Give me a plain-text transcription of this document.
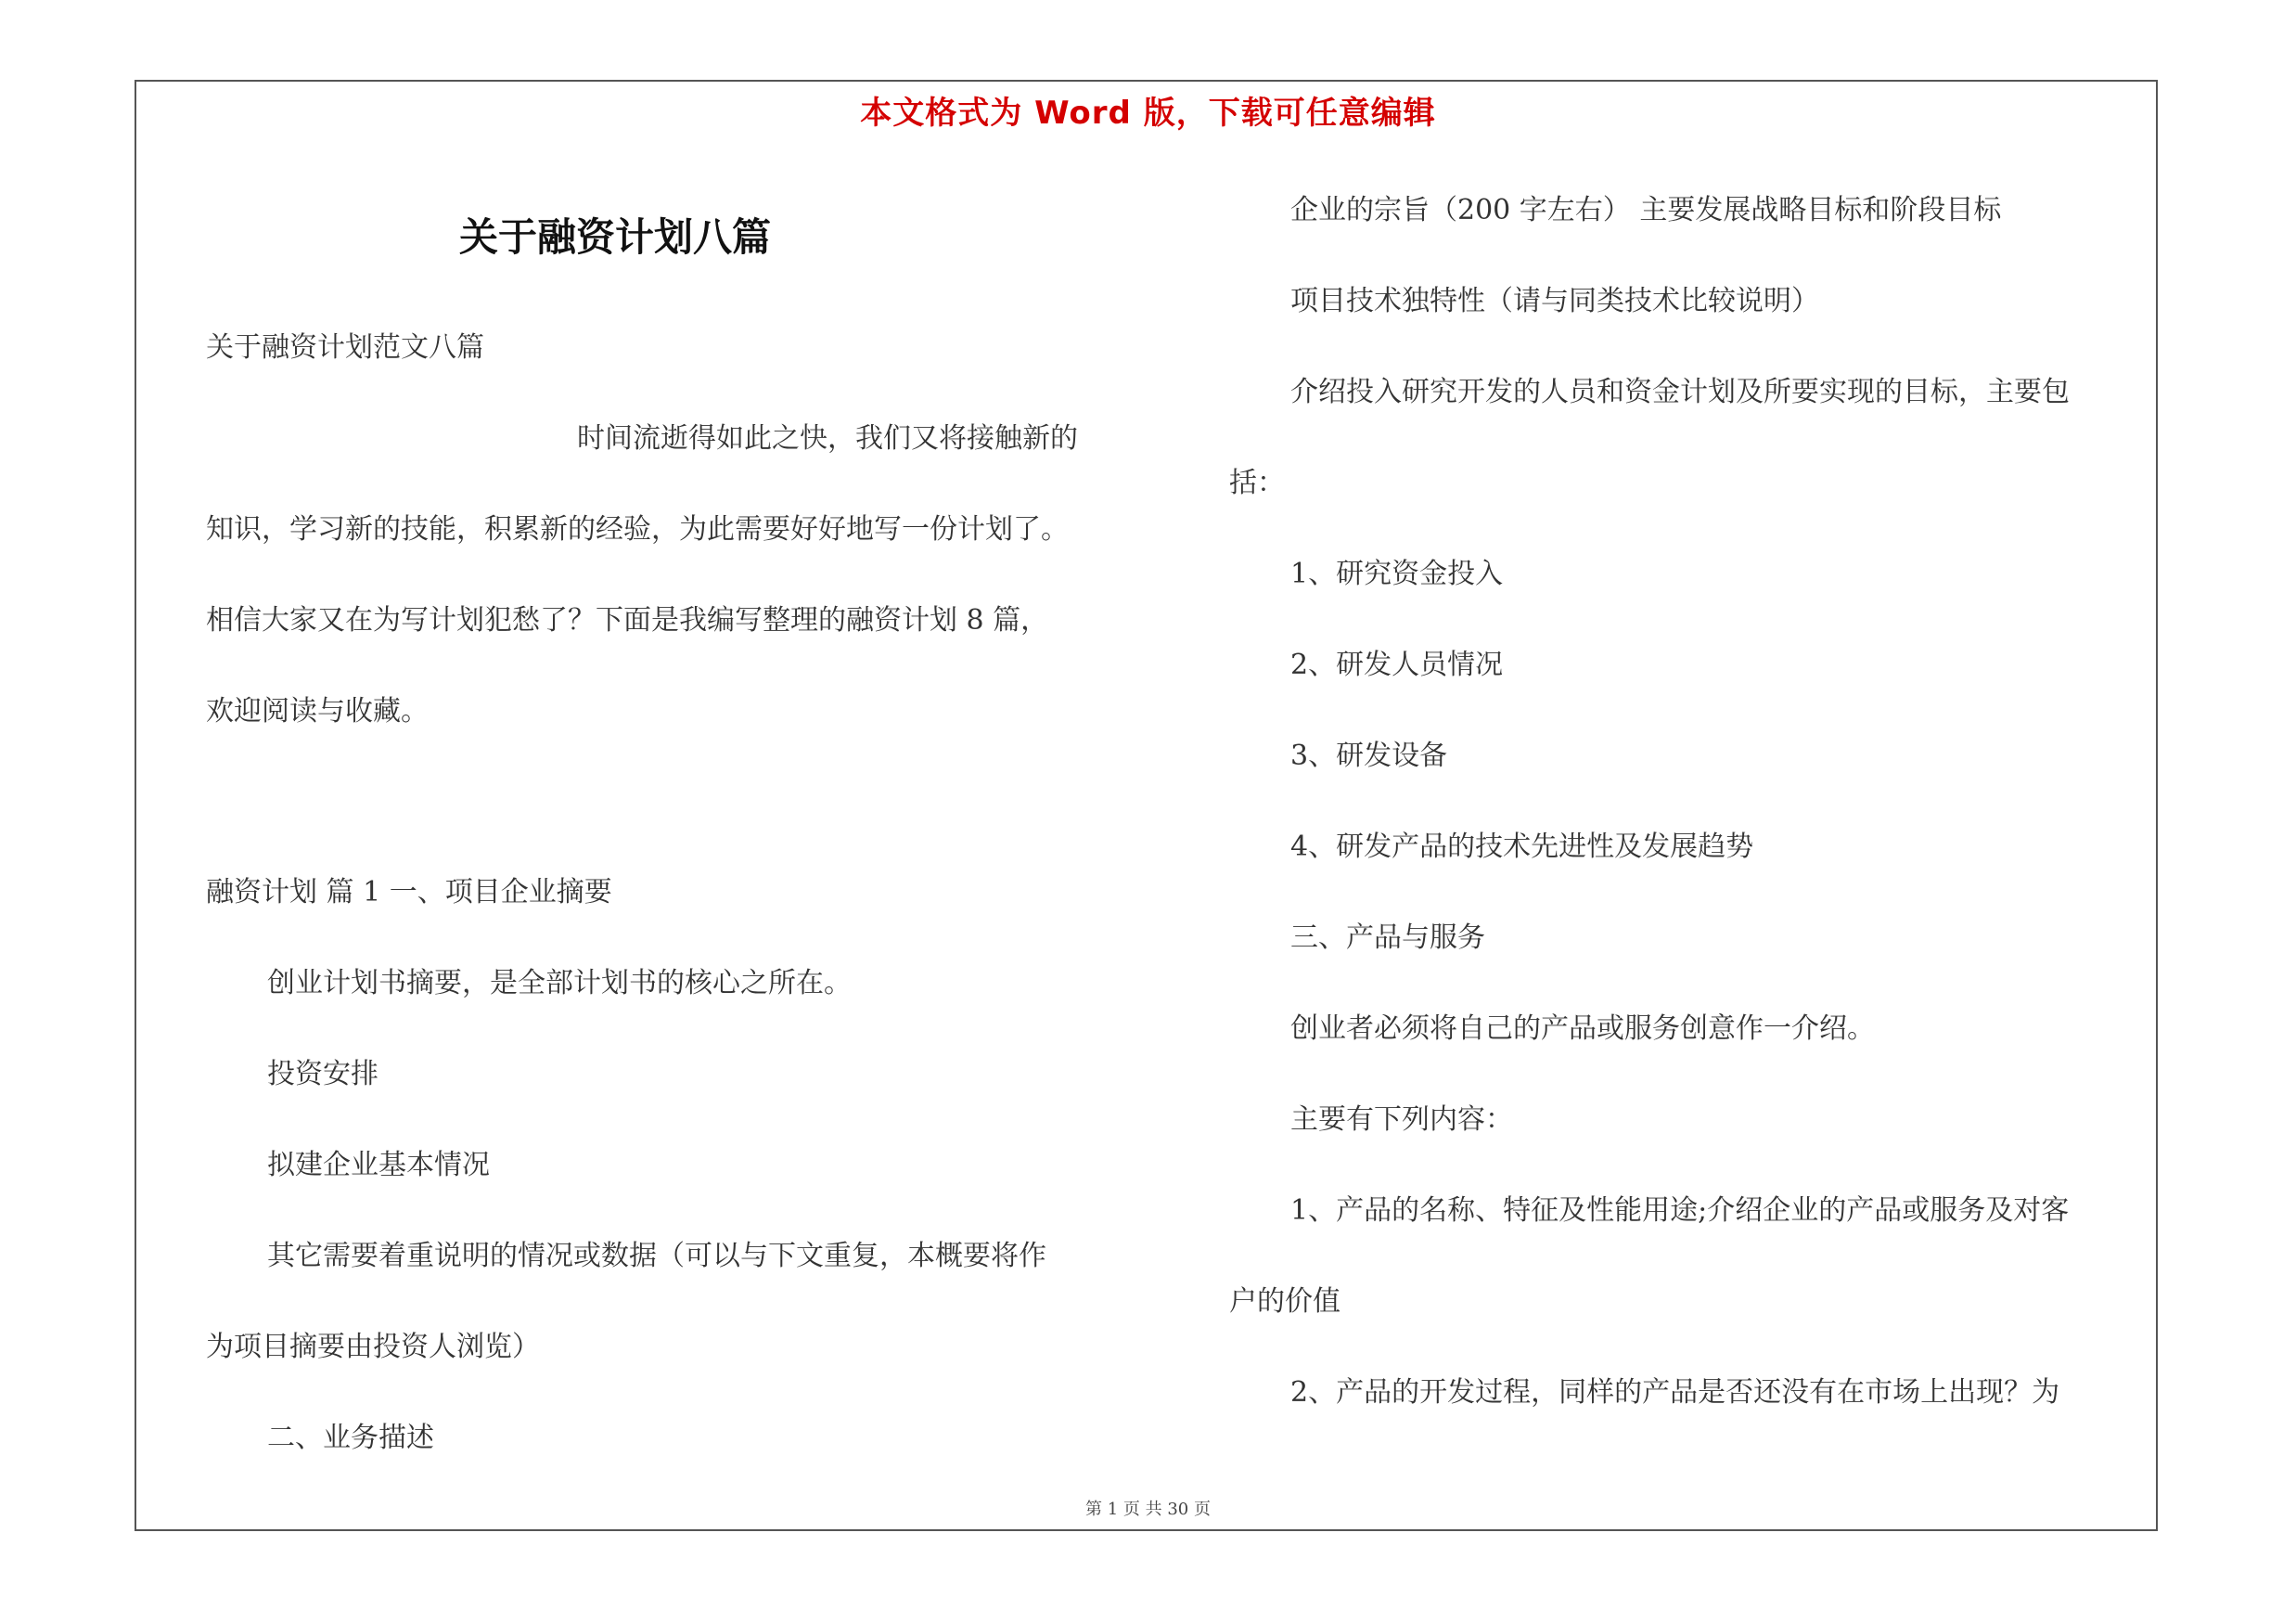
本文格式为 Word 版，下载可任意编辑
关于融资计划八篇
关于融资计划范文八篇
时间流逝得如此之快，我们又将接触新的
知识，学习新的技能，积累新的经验，为此需要好好地写一份计划了。
相信大家又在为写计划犯愁了？下面是我编写整理的融资计划 8 篇，
欢迎阅读与收藏。
融资计划 篇 1 一、项目企业摘要
创业计划书摘要，是全部计划书的核心之所在。
投资安排
拟建企业基本情况
其它需要着重说明的情况或数据（可以与下文重复，本概要将作
为项目摘要由投资人浏览）
二、业务描述
企业的宗旨（200 字左右） 主要发展战略目标和阶段目标
项目技术独特性（请与同类技术比较说明）
介绍投入研究开发的人员和资金计划及所要实现的目标，主要包
括：
1、研究资金投入
2、研发人员情况
3、研发设备
4、研发产品的技术先进性及发展趋势
三、产品与服务
创业者必须将自己的产品或服务创意作一介绍。
主要有下列内容：
1、产品的名称、特征及性能用途;介绍企业的产品或服务及对客
户的价值
2、产品的开发过程，同样的产品是否还没有在市场上出现？为
第 1 页 共 30 页
